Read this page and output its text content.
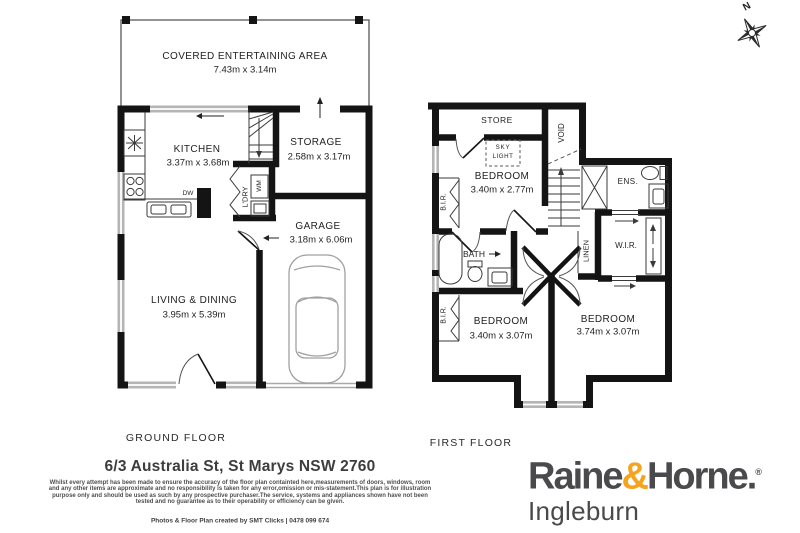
N
COVERED ENTERTAINING AREA
7.43m x 3.14m
KITCHEN
3.37m x 3.68m
STORAGE
2.58m x 3.17m
GARAGE
3.18m x 6.06m
LIVING & DINING
3.95m x 5.39m
DW	L'DRY
WM
GROUND FLOOR
STORE
VOID
SKY
LIGHT
BEDROOM
3.40m x 2.77m
B.I.R.
BATH
ENS.
LINEN	W.I.R.
B.I.R.	BEDROOM
3.40m x 3.07m
BEDROOM
3.74m x 3.07m
FIRST FLOOR
6/3 Australia St, St Marys NSW 2760
Whilst every attempt has been made to ensure the accuracy of the floor plan containted here,measurements of doors, windows, room
and any other items are approximate and no responsibility is taken for any error,omission or mis-statement.This plan is for illustration
purpose only and should be used as such by any prospective purchaser.The service, systems and appliances shown have not been
tested and no guarantee as to their operability or efficiency can be given.
Photos & Floor Plan created by SMT Clicks | 0478 099 674
Raine&Horne.®
Ingleburn
